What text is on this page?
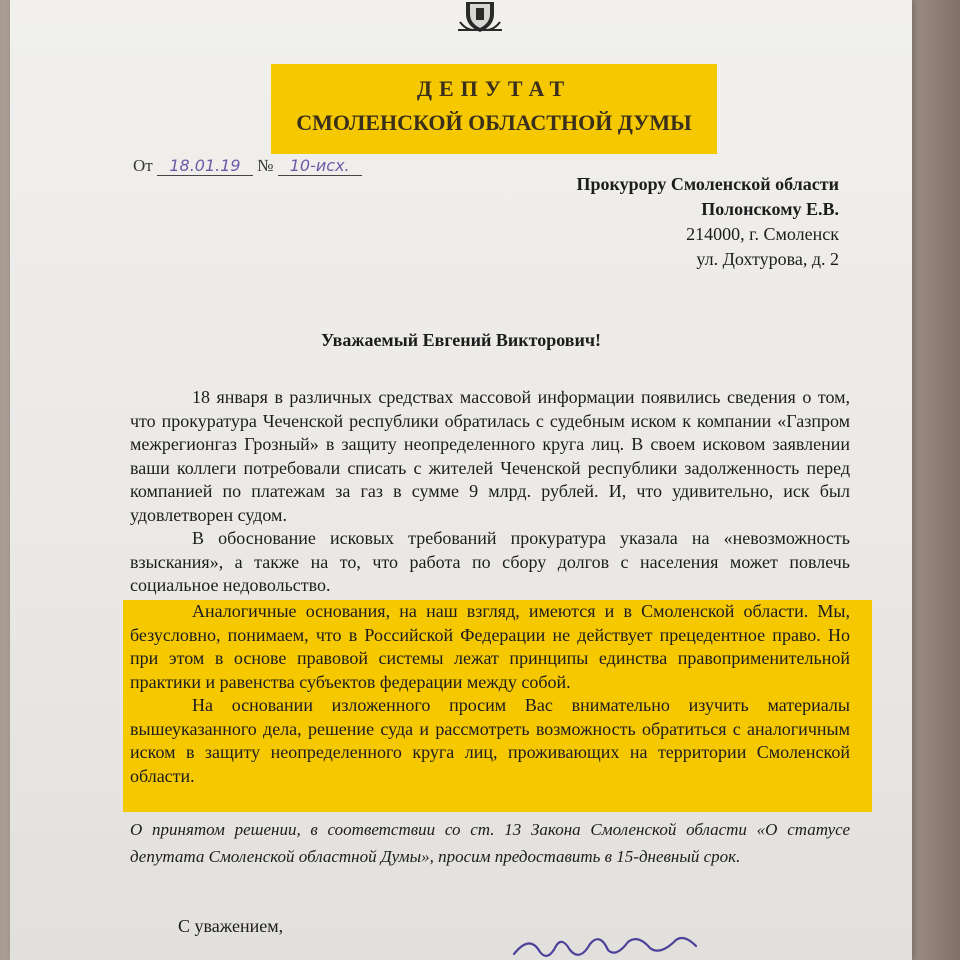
ДЕПУТАТ
СМОЛЕНСКОЙ ОБЛАСТНОЙ ДУМЫ
От 18.01.19 № 10-исх.
Прокурору Смоленской области
Полонскому Е.В.
214000, г. Смоленск
ул. Дохтурова, д. 2
Уважаемый Евгений Викторович!

18 января в различных средствах массовой информации появились сведения о том, что прокуратура Чеченской республики обратилась с судебным иском к компании «Газпром межрегионгаз Грозный» в защиту неопределенного круга лиц. В своем исковом заявлении ваши коллеги потребовали списать с жителей Чеченской республики задолженность перед компанией по платежам за газ в сумме 9 млрд. рублей. И, что удивительно, иск был удовлетворен судом.

В обоснование исковых требований прокуратура указала на «невозможность взыскания», а также на то, что работа по сбору долгов с населения может повлечь социальное недовольство.

Аналогичные основания, на наш взгляд, имеются и в Смоленской области. Мы, безусловно, понимаем, что в Российской Федерации не действует прецедентное право. Но при этом в основе правовой системы лежат принципы единства правоприменительной практики и равенства субъектов федерации между собой.

На основании изложенного просим Вас внимательно изучить материалы вышеуказанного дела, решение суда и рассмотреть возможность обратиться с аналогичным иском в защиту неопределенного круга лиц, проживающих на территории Смоленской области.

О принятом решении, в соответствии со ст. 13 Закона Смоленской области «О статусе депутата Смоленской областной Думы», просим предоставить в 15-дневный срок.
С уважением,
